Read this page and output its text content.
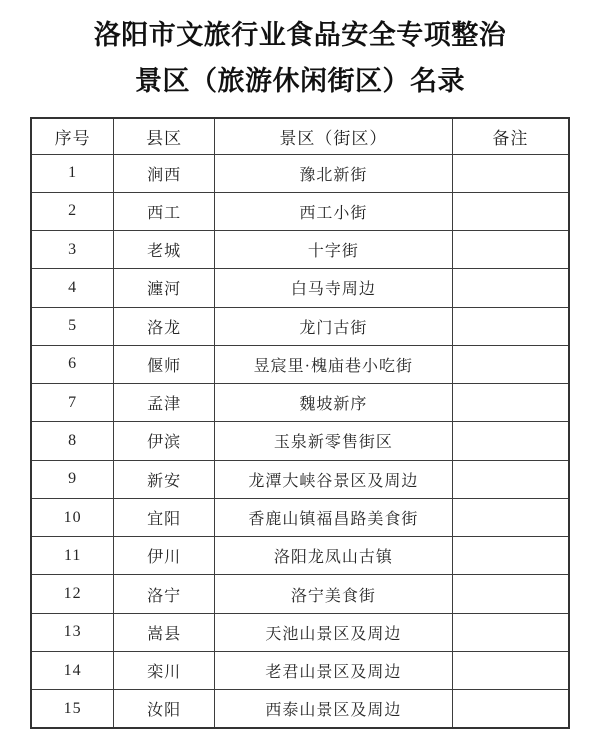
洛阳市文旅行业食品安全专项整治
景区（旅游休闲街区）名录
序号	县区	景区（街区）	备注
1	涧西	豫北新街	
2	西工	西工小街	
3	老城	十字街	
4	瀍河	白马寺周边	
5	洛龙	龙门古街	
6	偃师	昱宸里·槐庙巷小吃街	
7	孟津	魏坡新序	
8	伊滨	玉泉新零售街区	
9	新安	龙潭大峡谷景区及周边	
10	宜阳	香鹿山镇福昌路美食街	
11	伊川	洛阳龙凤山古镇	
12	洛宁	洛宁美食街	
13	嵩县	天池山景区及周边	
14	栾川	老君山景区及周边	
15	汝阳	西泰山景区及周边	
